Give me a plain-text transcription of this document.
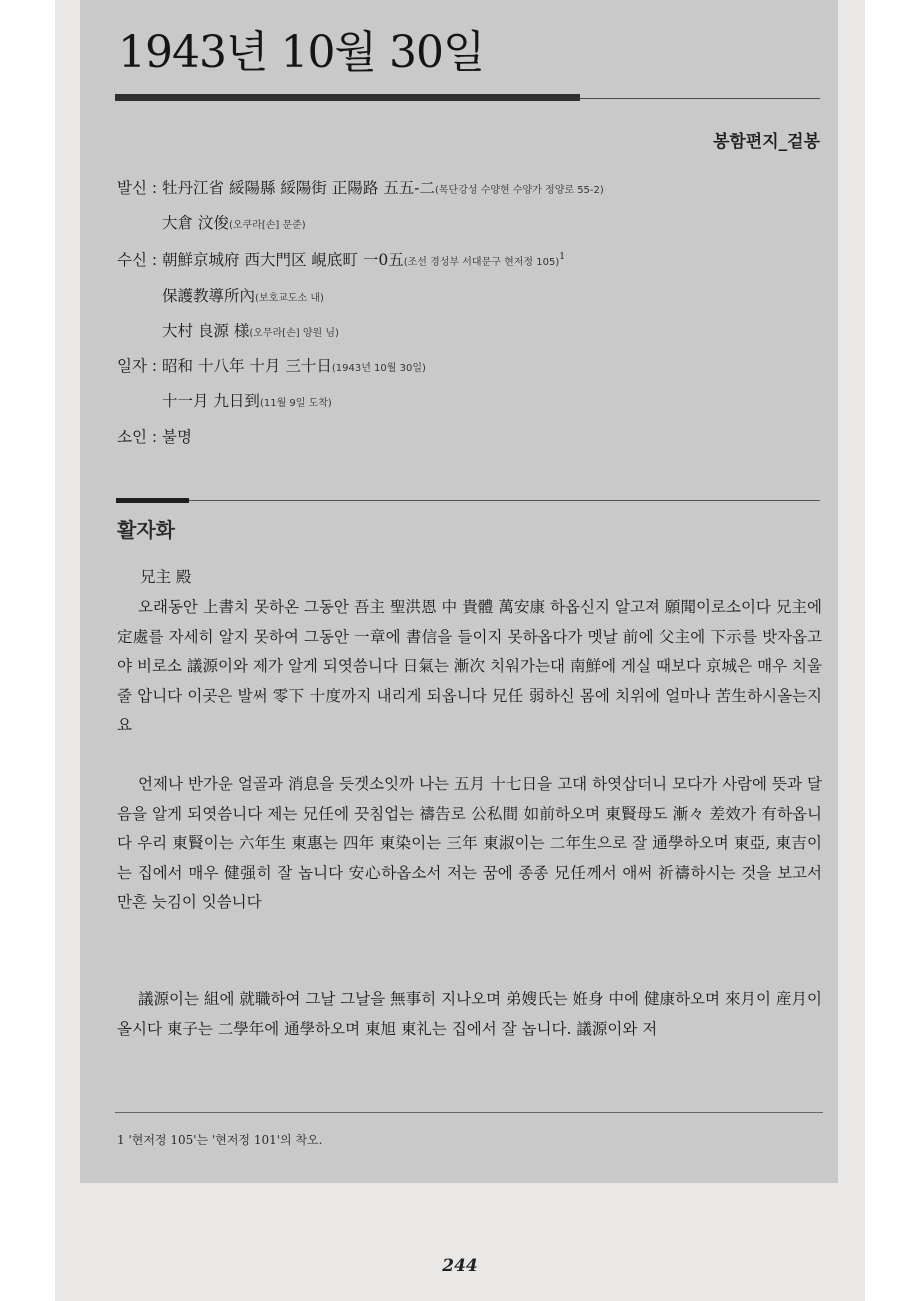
1943년 10월 30일
봉함편지_겉봉
발신 : 牡丹江省 綏陽縣 綏陽街 正陽路 五五-二(목단강성 수양현 수양가 정양로 55-2)
大倉 汶俊(오쿠라[손] 문준)
수신 : 朝鮮京城府 西大門区 峴底町 一0五(조선 경성부 서대문구 현저정 105)$^1$
保護教導所內(보호교도소 내)
大村 良源 様(오무라[손] 양원 님)
일자 : 昭和 十八年 十月 三十日(1943년 10월 30일)
十一月 九日到(11월 9일 도착)
소인 : 불명
활자화
兄主 殿

오래동안 上書치 못하온 그동안 吾主 聖洪恩 中 貴體 萬安康 하옵신지 알고져 願聞이로소이다 兄主에 定處를 자세히 알지 못하여 그동안 一章에 書信을 들이지 못하옵다가 멧날 前에 父主에 下示를 밧자옵고야 비로소 議源이와 제가 알게 되엿씀니다 日氣는 漸次 치워가는대 南鮮에 게실 때보다 京城은 매우 치울 줄 압니다 이곳은 발써 零下 十度까지 내리게 되옵니다 兄任 弱하신 몸에 치위에 얼마나 苦生하시올는지요

언제나 반가운 얼골과 消息을 듯겟소잇까 나는 五月 十七日을 고대 하엿삽더니 모다가 사람에 뜻과 달음을 알게 되엿씀니다 제는 兄任에 끗침업는 禱告로 公私間 如前하오며 東賢母도 漸々 差效가 有하옵니다 우리 東賢이는 六年生 東惠는 四年 東染이는 三年 東淑이는 二年生으로 잘 通學하오며 東亞, 東吉이는 집에서 매우 健强히 잘 놉니다 安心하옵소서 저는 꿈에 종종 兄任께서 애써 祈禱하시는 것을 보고서 만흔 늣김이 잇씀니다

議源이는 組에 就職하여 그날 그날을 無事히 지나오며 弟嫂氏는 姙身 中에 健康하오며 來月이 産月이올시다 東子는 二學年에 通學하오며 東旭 東礼는 집에서 잘 놉니다. 議源이와 저

1 '현저정 105'는 '현저정 101'의 착오.
244
